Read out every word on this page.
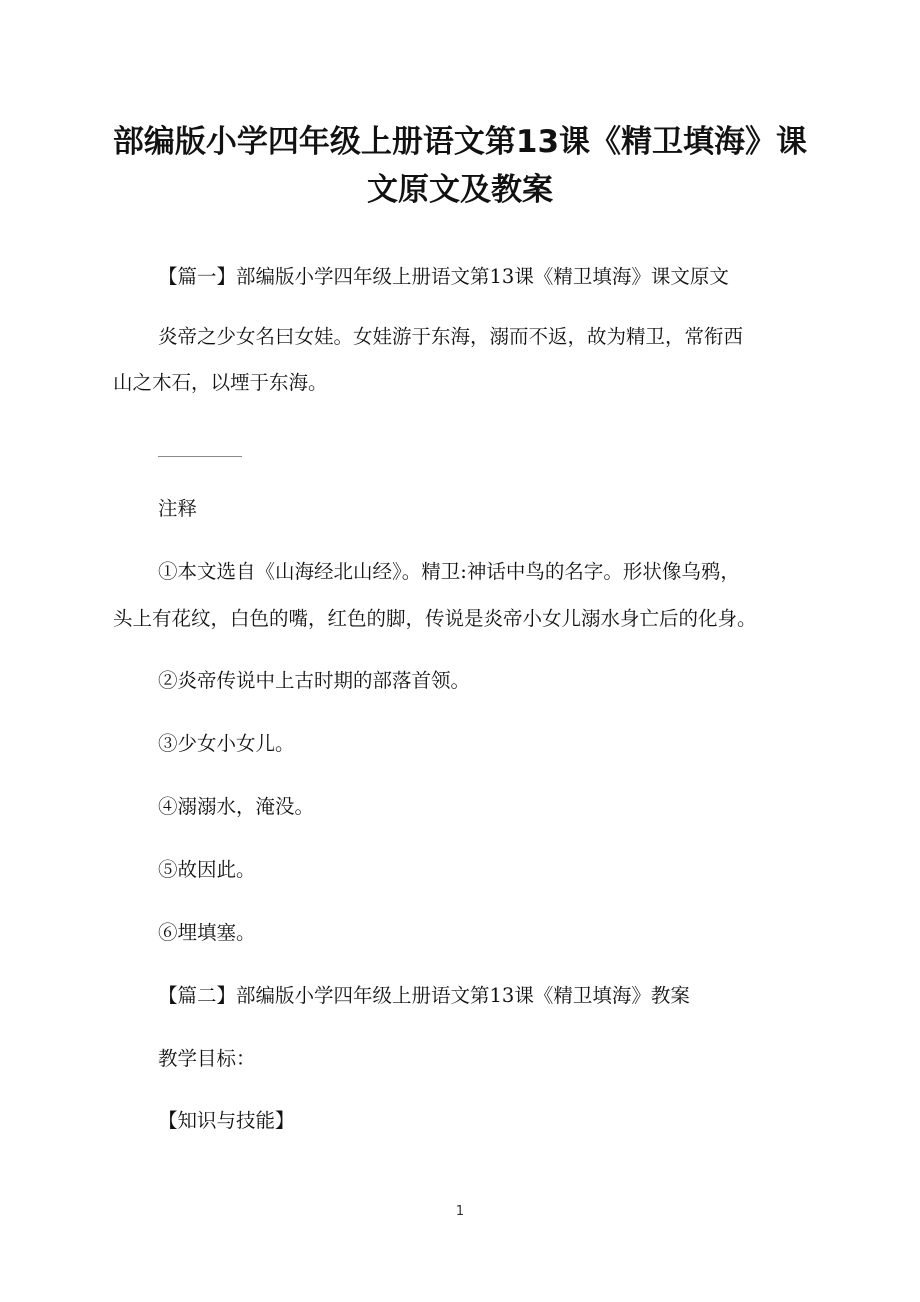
部编版小学四年级上册语文第13课《精卫填海》课
文原文及教案
【篇一】部编版小学四年级上册语文第13课《精卫填海》课文原文
炎帝之少女名曰女娃。女娃游于东海，溺而不返，故为精卫，常衔西
山之木石，以堙于东海。
注释
①本文选自《山海经北山经》。精卫:神话中鸟的名字。形状像乌鸦，
头上有花纹，白色的嘴，红色的脚，传说是炎帝小女儿溺水身亡后的化身。
②炎帝传说中上古时期的部落首领。
③少女小女儿。
④溺溺水，淹没。
⑤故因此。
⑥埋填塞。
【篇二】部编版小学四年级上册语文第13课《精卫填海》教案
教学目标：
【知识与技能】
1
